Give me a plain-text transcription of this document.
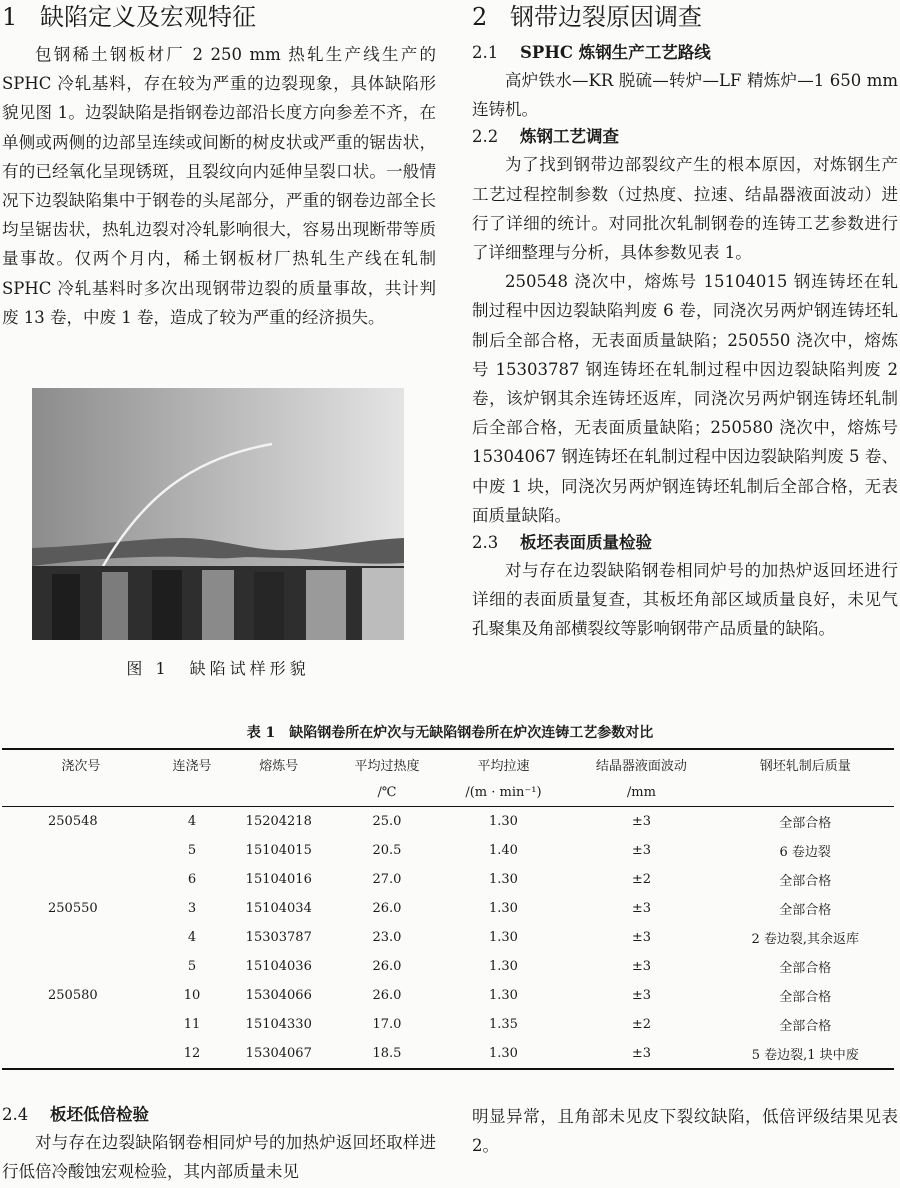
1 缺陷定义及宏观特征

包钢稀土钢板材厂 2 250 mm 热轧生产线生产的 SPHC 冷轧基料，存在较为严重的边裂现象，具体缺陷形貌见图 1。边裂缺陷是指钢卷边部沿长度方向参差不齐，在单侧或两侧的边部呈连续或间断的树皮状或严重的锯齿状，有的已经氧化呈现锈斑，且裂纹向内延伸呈裂口状。一般情况下边裂缺陷集中于钢卷的头尾部分，严重的钢卷边部全长均呈锯齿状，热轧边裂对冷轧影响很大，容易出现断带等质量事故。仅两个月内，稀土钢板材厂热轧生产线在轧制 SPHC 冷轧基料时多次出现钢带边裂的质量事故，共计判废 13 卷，中废 1 卷，造成了较为严重的经济损失。

图 1　缺陷试样形貌
2 钢带边裂原因调查
2.1 SPHC 炼钢生产工艺路线

高炉铁水—KR 脱硫—转炉—LF 精炼炉—1 650 mm连铸机。

2.2 炼钢工艺调查

为了找到钢带边部裂纹产生的根本原因，对炼钢生产工艺过程控制参数（过热度、拉速、结晶器液面波动）进行了详细的统计。对同批次轧制钢卷的连铸工艺参数进行了详细整理与分析，具体参数见表 1。

250548 浇次中，熔炼号 15104015 钢连铸坯在轧制过程中因边裂缺陷判废 6 卷，同浇次另两炉钢连铸坯轧制后全部合格，无表面质量缺陷；250550 浇次中，熔炼号 15303787 钢连铸坯在轧制过程中因边裂缺陷判废 2 卷，该炉钢其余连铸坯返库，同浇次另两炉钢连铸坯轧制后全部合格，无表面质量缺陷；250580 浇次中，熔炼号 15304067 钢连铸坯在轧制过程中因边裂缺陷判废 5 卷、中废 1 块，同浇次另两炉钢连铸坯轧制后全部合格，无表面质量缺陷。

2.3 板坯表面质量检验

对与存在边裂缺陷钢卷相同炉号的加热炉返回坯进行详细的表面质量复查，其板坯角部区域质量良好，未见气孔聚集及角部横裂纹等影响钢带产品质量的缺陷。

表 1　缺陷钢卷所在炉次与无缺陷钢卷所在炉次连铸工艺参数对比
浇次号	连浇号	熔炼号	平均过热度	平均拉速	结晶器液面波动	钢坯轧制后质量
			/℃	/(m · min⁻¹)	/mm	
250548	4	15204218	25.0	1.30	±3	全部合格
	5	15104015	20.5	1.40	±3	6 卷边裂
	6	15104016	27.0	1.30	±2	全部合格
250550	3	15104034	26.0	1.30	±3	全部合格
	4	15303787	23.0	1.30	±3	2 卷边裂,其余返库
	5	15104036	26.0	1.30	±3	全部合格
250580	10	15304066	26.0	1.30	±3	全部合格
	11	15104330	17.0	1.35	±2	全部合格
	12	15304067	18.5	1.30	±3	5 卷边裂,1 块中废
2.4 板坯低倍检验

对与存在边裂缺陷钢卷相同炉号的加热炉返回坯取样进行低倍冷酸蚀宏观检验，其内部质量未见

明显异常，且角部未见皮下裂纹缺陷，低倍评级结果见表 2。
